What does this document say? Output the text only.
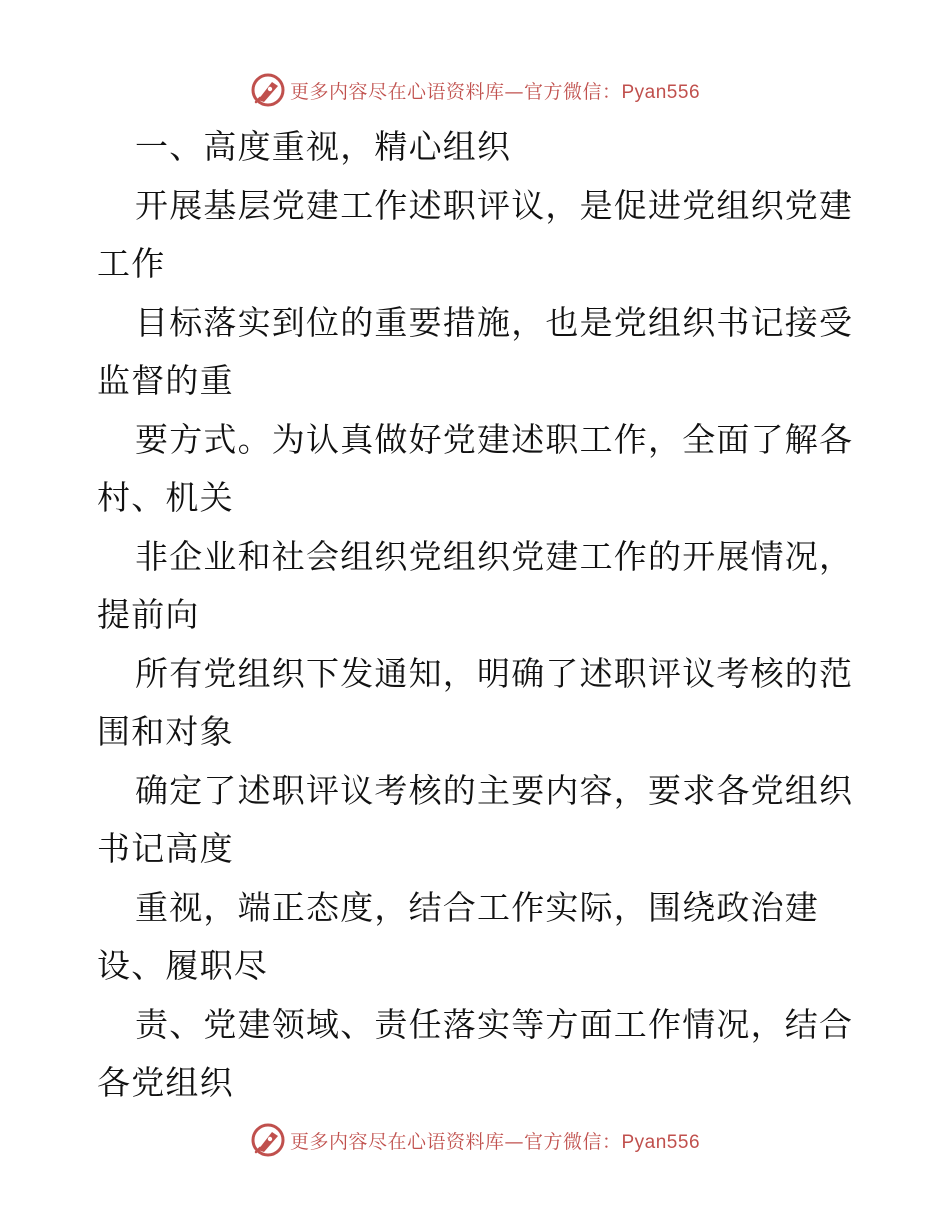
更多内容尽在心语资料库—官方微信：Pyan556

一、高度重视，精心组织

开展基层党建工作述职评议，是促进党组织党建工作

目标落实到位的重要措施，也是党组织书记接受监督的重

要方式。为认真做好党建述职工作，全面了解各村、机关

非企业和社会组织党组织党建工作的开展情况，提前向

所有党组织下发通知，明确了述职评议考核的范围和对象

确定了述职评议考核的主要内容，要求各党组织书记高度

重视，端正态度，结合工作实际，围绕政治建设、履职尽

责、党建领域、责任落实等方面工作情况，结合各党组织

更多内容尽在心语资料库—官方微信：Pyan556
